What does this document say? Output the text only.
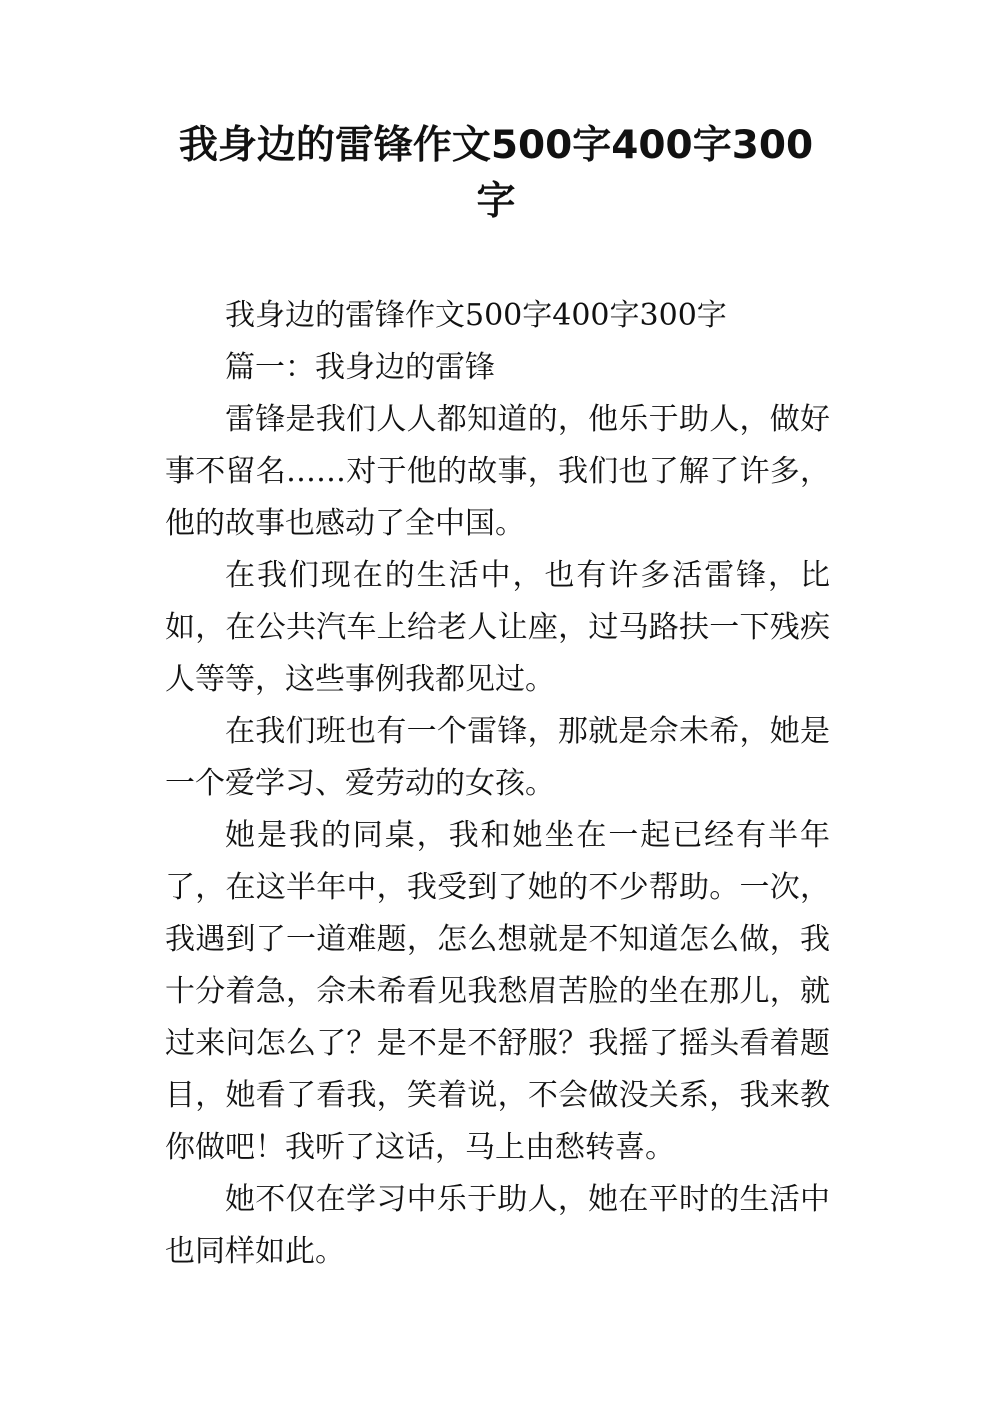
我身边的雷锋作文500字400字300字

我身边的雷锋作文500字400字300字

篇一：我身边的雷锋

雷锋是我们人人都知道的，他乐于助人，做好事不留名……对于他的故事，我们也了解了许多，他的故事也感动了全中国。

在我们现在的生活中，也有许多活雷锋，比如，在公共汽车上给老人让座，过马路扶一下残疾人等等，这些事例我都见过。

在我们班也有一个雷锋，那就是佘未希，她是一个爱学习、爱劳动的女孩。

她是我的同桌，我和她坐在一起已经有半年了，在这半年中，我受到了她的不少帮助。一次，我遇到了一道难题，怎么想就是不知道怎么做，我十分着急，佘未希看见我愁眉苦脸的坐在那儿，就过来问怎么了？是不是不舒服？我摇了摇头看着题目，她看了看我，笑着说，不会做没关系，我来教你做吧！我听了这话，马上由愁转喜。

她不仅在学习中乐于助人，她在平时的生活中也同样如此。
